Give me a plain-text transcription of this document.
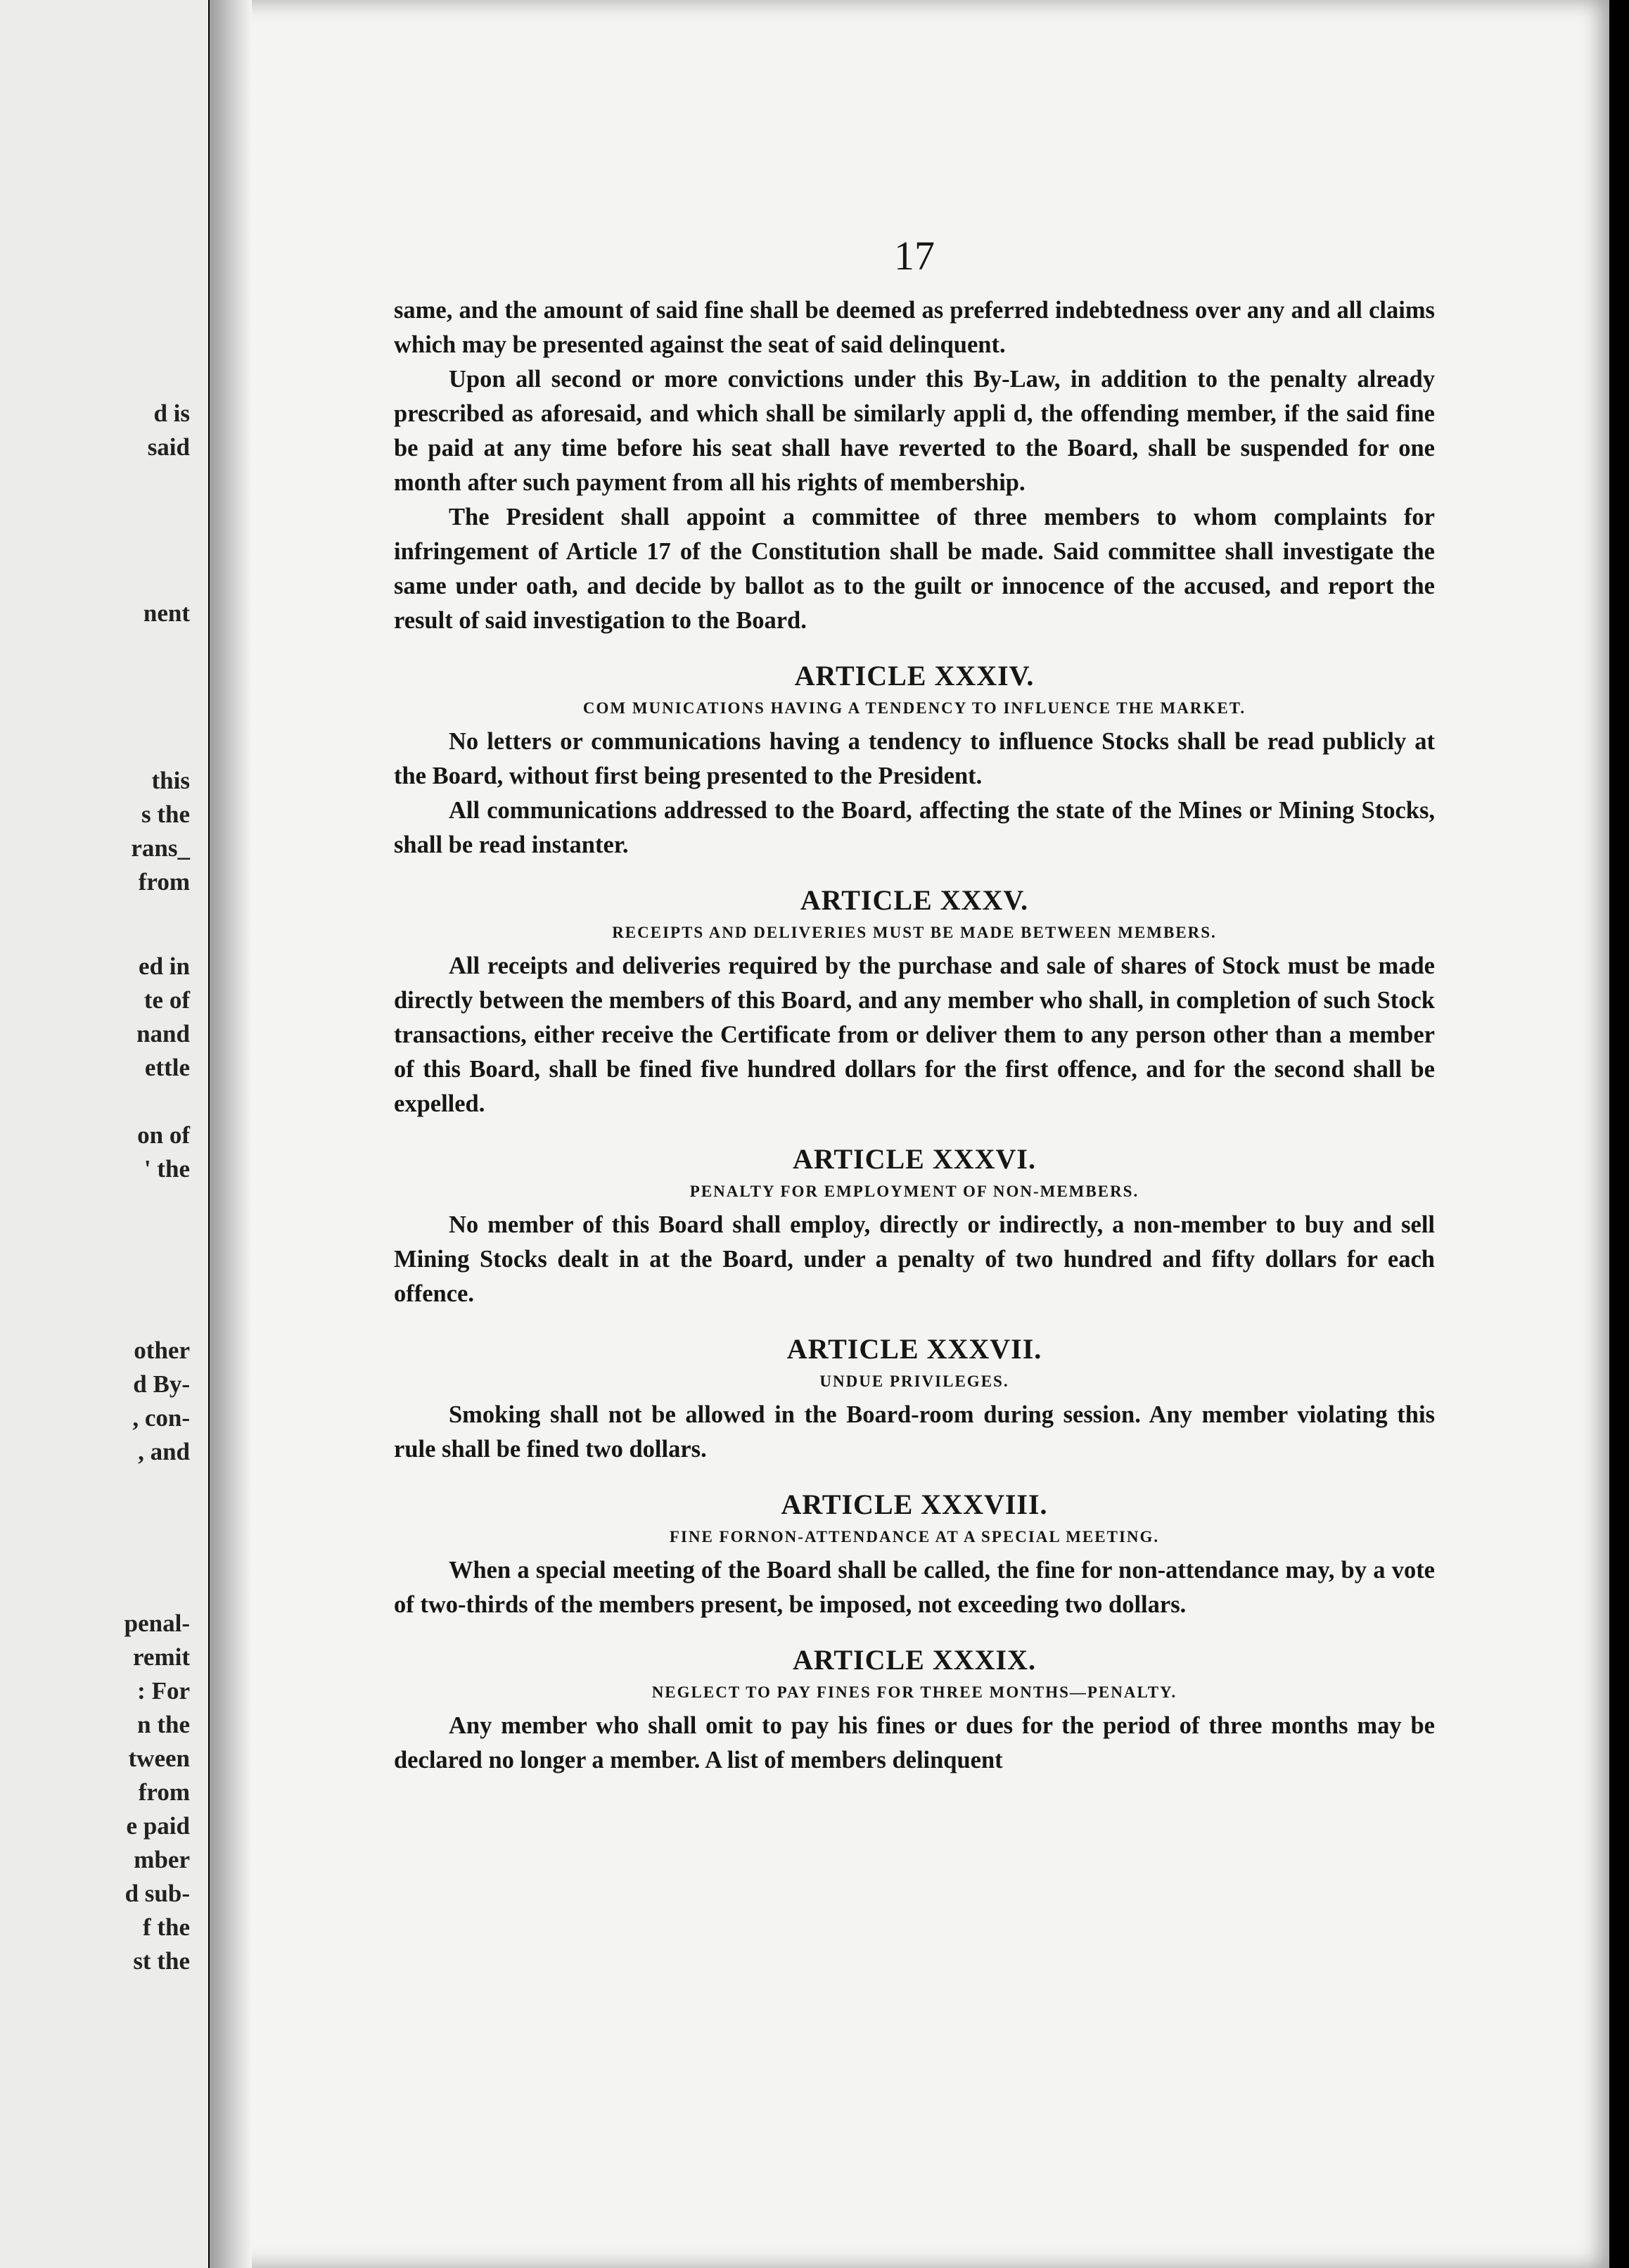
d is
said
nent
this
s the
rans_
from
ed in
te of
nand
ettle
on of
' the
other
d By-
, con-
, and
penal-
remit
: For
n the
tween
from
e paid
mber
d sub-
f the
st the
17

same, and the amount of said fine shall be deemed as preferred indebtedness over any and all claims which may be presented against the seat of said delinquent.

Upon all second or more convictions under this By-Law, in addition to the penalty already prescribed as aforesaid, and which shall be similarly appli d, the offending member, if the said fine be paid at any time before his seat shall have reverted to the Board, shall be suspended for one month after such payment from all his rights of membership.

The President shall appoint a committee of three members to whom complaints for infringement of Article 17 of the Constitution shall be made. Said committee shall investigate the same under oath, and decide by ballot as to the guilt or innocence of the accused, and report the result of said investigation to the Board.

ARTICLE XXXIV.
COM MUNICATIONS HAVING A TENDENCY TO INFLUENCE THE MARKET.

No letters or communications having a tendency to influence Stocks shall be read publicly at the Board, without first being presented to the President.

All communications addressed to the Board, affecting the state of the Mines or Mining Stocks, shall be read instanter.

ARTICLE XXXV.
RECEIPTS AND DELIVERIES MUST BE MADE BETWEEN MEMBERS.

All receipts and deliveries required by the purchase and sale of shares of Stock must be made directly between the members of this Board, and any member who shall, in completion of such Stock transactions, either receive the Certificate from or deliver them to any person other than a member of this Board, shall be fined five hundred dollars for the first offence, and for the second shall be expelled.

ARTICLE XXXVI.
PENALTY FOR EMPLOYMENT OF NON-MEMBERS.

No member of this Board shall employ, directly or indirectly, a non-member to buy and sell Mining Stocks dealt in at the Board, under a penalty of two hundred and fifty dollars for each offence.

ARTICLE XXXVII.
UNDUE PRIVILEGES.

Smoking shall not be allowed in the Board-room during session. Any member violating this rule shall be fined two dollars.

ARTICLE XXXVIII.
FINE FORNON-ATTENDANCE AT A SPECIAL MEETING.

When a special meeting of the Board shall be called, the fine for non-attendance may, by a vote of two-thirds of the members present, be imposed, not exceeding two dollars.

ARTICLE XXXIX.
NEGLECT TO PAY FINES FOR THREE MONTHS—PENALTY.

Any member who shall omit to pay his fines or dues for the period of three months may be declared no longer a member. A list of members delinquent
